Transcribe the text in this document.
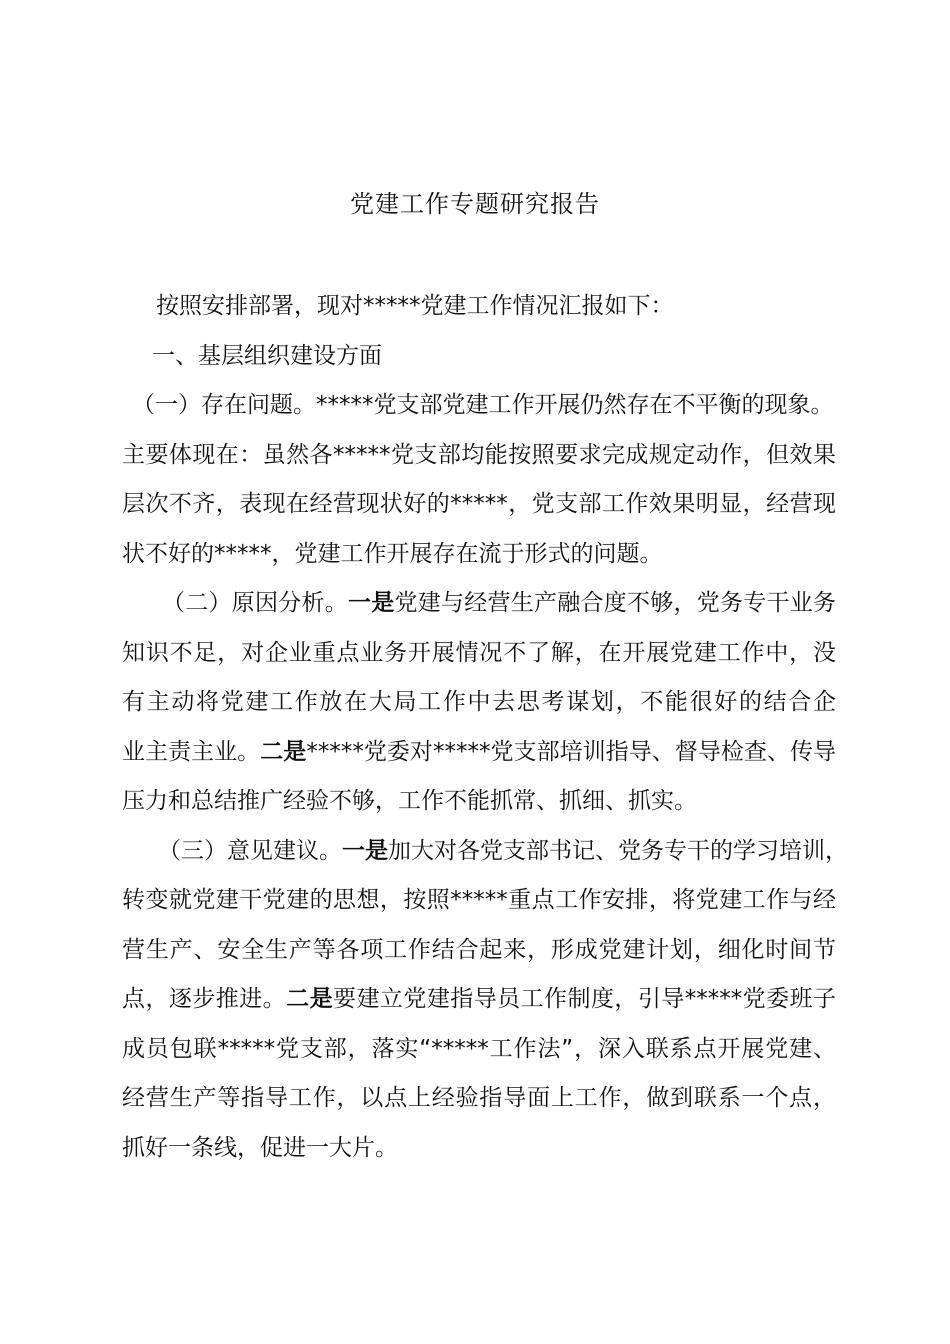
党建工作专题研究报告

按照安排部署，现对*****党建工作情况汇报如下：

一、基层组织建设方面

（一）存在问题。*****党支部党建工作开展仍然存在不平衡的现象。
主要体现在：虽然各*****党支部均能按照要求完成规定动作，但效果
层次不齐，表现在经营现状好的*****，党支部工作效果明显，经营现
状不好的*****，党建工作开展存在流于形式的问题。

（二）原因分析。一是党建与经营生产融合度不够，党务专干业务
知识不足，对企业重点业务开展情况不了解，在开展党建工作中，没
有主动将党建工作放在大局工作中去思考谋划，不能很好的结合企
业主责主业。二是*****党委对*****党支部培训指导、督导检查、传导
压力和总结推广经验不够，工作不能抓常、抓细、抓实。

（三）意见建议。一是加大对各党支部书记、党务专干的学习培训，
转变就党建干党建的思想，按照*****重点工作安排，将党建工作与经
营生产、安全生产等各项工作结合起来，形成党建计划，细化时间节
点，逐步推进。二是要建立党建指导员工作制度，引导*****党委班子
成员包联*****党支部，落实“*****工作法”，深入联系点开展党建、
经营生产等指导工作，以点上经验指导面上工作，做到联系一个点，
抓好一条线，促进一大片。
